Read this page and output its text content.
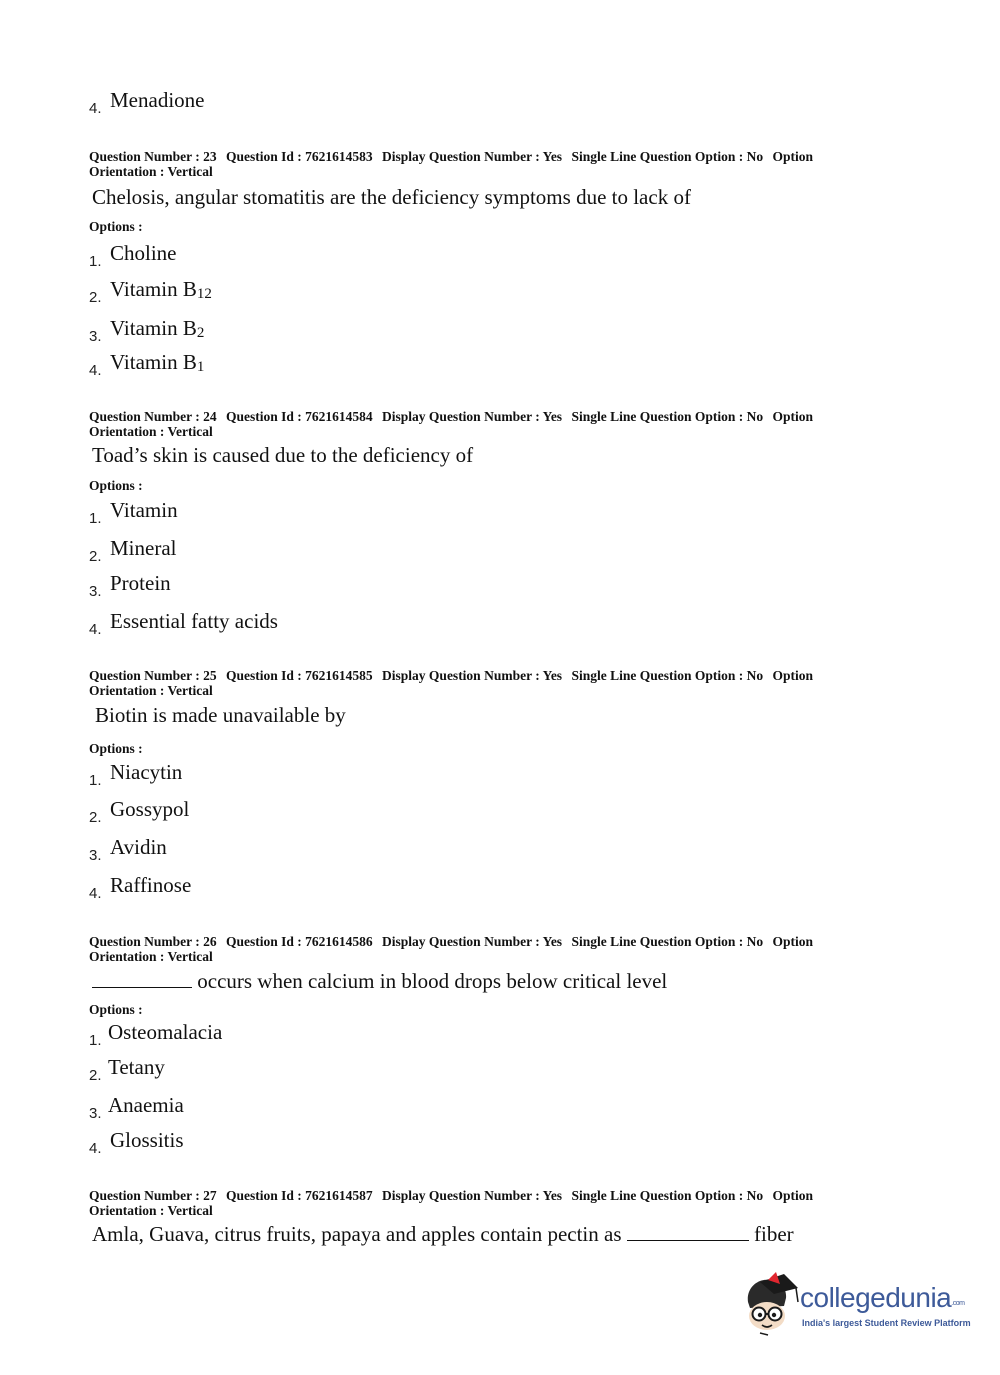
4. Menadione
Question Number : 23 Question Id : 7621614583 Display Question Number : Yes Single Line Question Option : No Option
Orientation : Vertical
Chelosis, angular stomatitis are the deficiency symptoms due to lack of
Options :
1. Choline
2. Vitamin $B_{12}$
3. Vitamin $B_2$
4. Vitamin $B_1$
Question Number : 24 Question Id : 7621614584 Display Question Number : Yes Single Line Question Option : No Option
Orientation : Vertical
Toad’s skin is caused due to the deficiency of
Options :
1. Vitamin
2. Mineral
3. Protein
4. Essential fatty acids
Question Number : 25 Question Id : 7621614585 Display Question Number : Yes Single Line Question Option : No Option
Orientation : Vertical
Biotin is made unavailable by
Options :
1. Niacytin
2. Gossypol
3. Avidin
4. Raffinose
Question Number : 26 Question Id : 7621614586 Display Question Number : Yes Single Line Question Option : No Option
Orientation : Vertical
occurs when calcium in blood drops below critical level
Options :
1. Osteomalacia
2. Tetany
3. Anaemia
4. Glossitis
Question Number : 27 Question Id : 7621614587 Display Question Number : Yes Single Line Question Option : No Option
Orientation : Vertical
Amla, Guava, citrus fruits, papaya and apples contain pectin as	fiber
collegedunia.com
India's largest Student Review Platform
